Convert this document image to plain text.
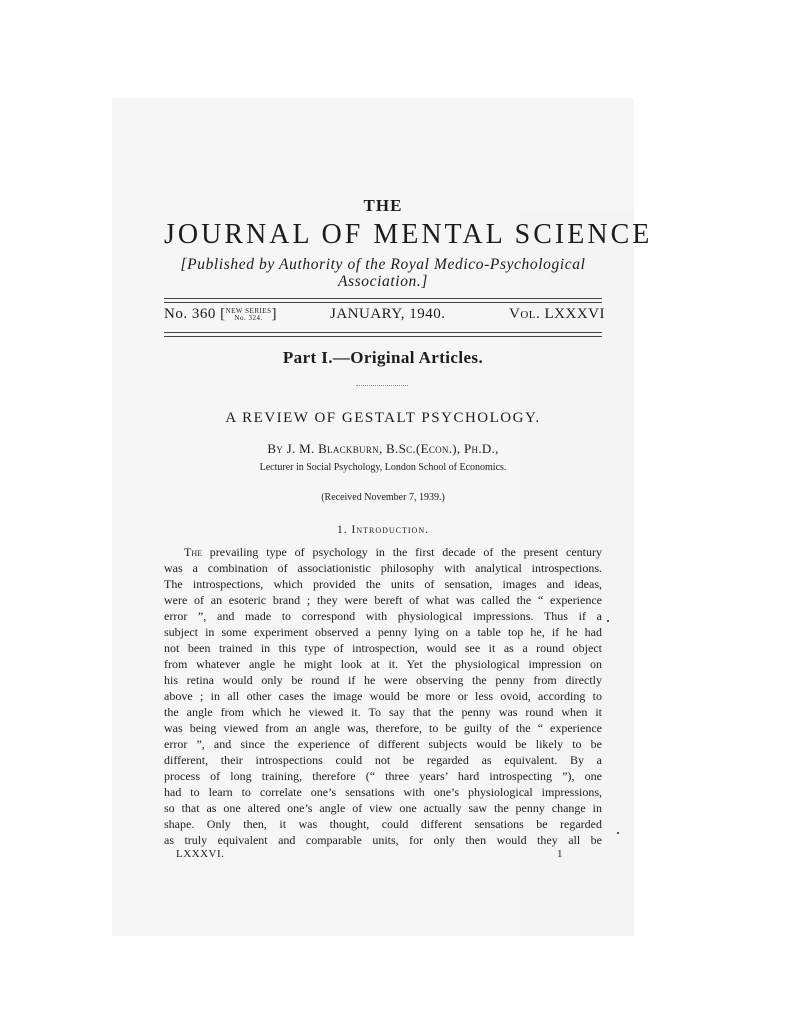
THE
JOURNAL OF MENTAL SCIENCE
[Published by Authority of the Royal Medico-Psychological
Association.]
No. 360 [NEW SERIES
No. 324. ]	JANUARY, 1940.	Vol. LXXXVI
Part I.—Original Articles.
A REVIEW OF GESTALT PSYCHOLOGY.
By J. M. Blackburn, B.Sc.(Econ.), Ph.D.,
Lecturer in Social Psychology, London School of Economics.
(Received November 7, 1939.)
1. Introduction.
The prevailing type of psychology in the first decade of the present century
was a combination of associationistic philosophy with analytical introspections.
The introspections, which provided the units of sensation, images and ideas,
were of an esoteric brand ; they were bereft of what was called the “ experience
error ”, and made to correspond with physiological impressions. Thus if a
subject in some experiment observed a penny lying on a table top he, if he had
not been trained in this type of introspection, would see it as a round object
from whatever angle he might look at it. Yet the physiological impression on
his retina would only be round if he were observing the penny from directly
above ; in all other cases the image would be more or less ovoid, according to
the angle from which he viewed it. To say that the penny was round when it
was being viewed from an angle was, therefore, to be guilty of the “ experience
error ”, and since the experience of different subjects would be likely to be
different, their introspections could not be regarded as equivalent. By a
process of long training, therefore (“ three years’ hard introspecting ”), one
had to learn to correlate one’s sensations with one’s physiological impressions,
so that as one altered one’s angle of view one actually saw the penny change in
shape. Only then, it was thought, could different sensations be regarded
as truly equivalent and comparable units, for only then would they all be
LXXXVI.	1
